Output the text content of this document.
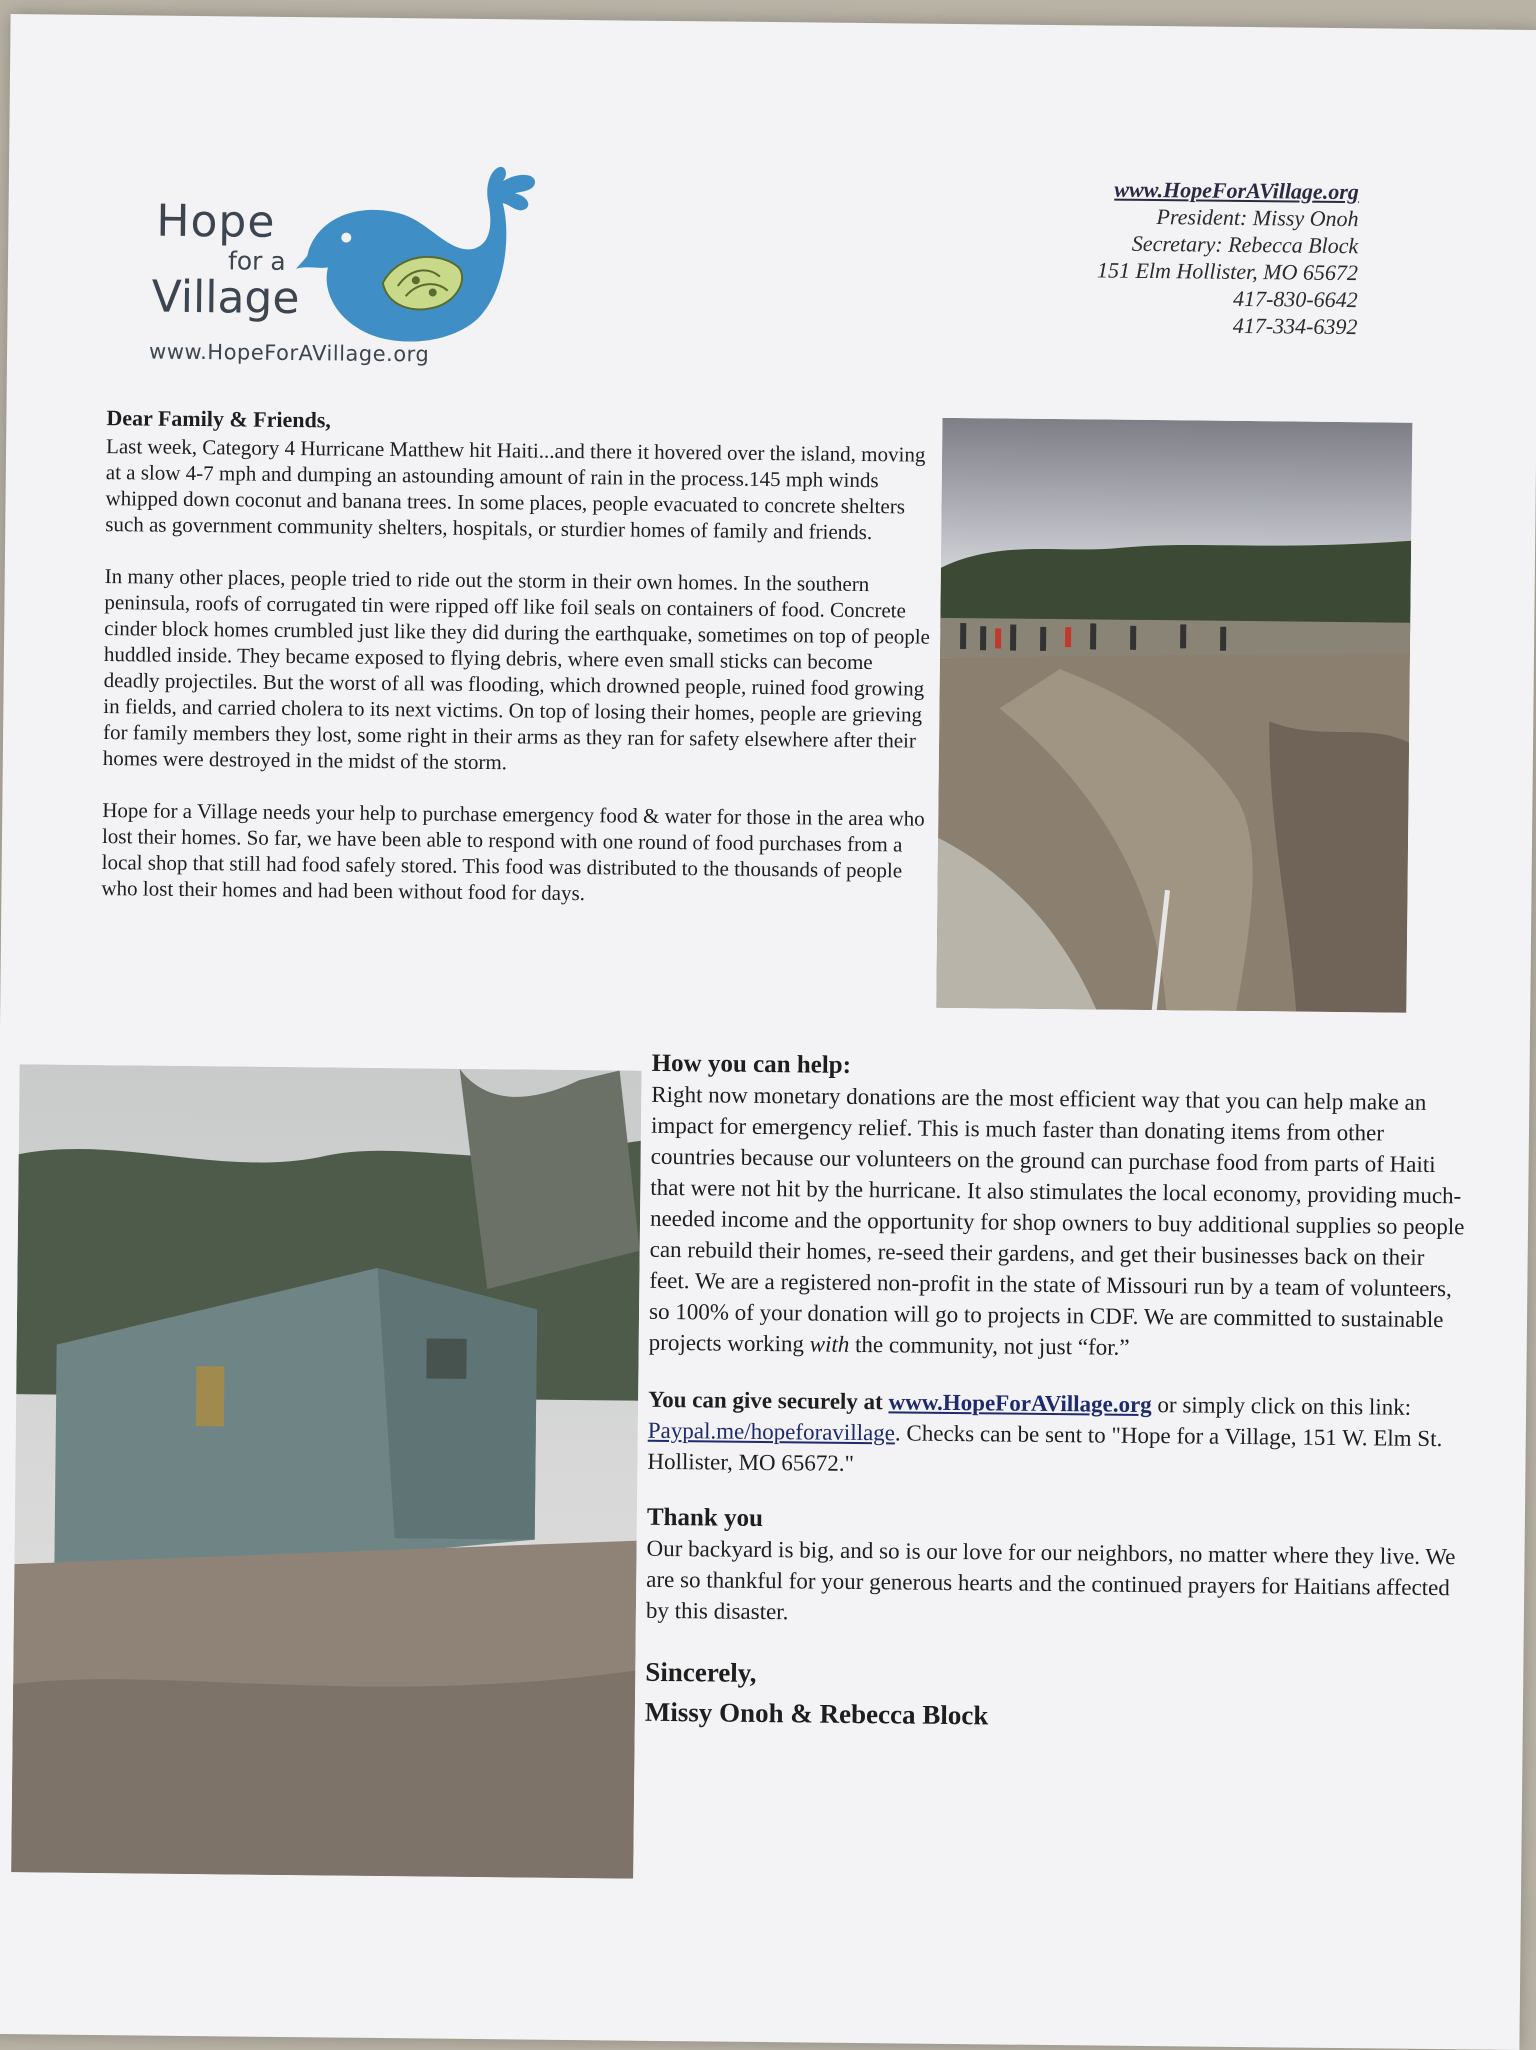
Hope
for a
Village
www.HopeForAVillage.org
www.HopeForAVillage.org
President: Missy Onoh
Secretary: Rebecca Block
151 Elm Hollister, MO 65672
417-830-6642
417-334-6392
Dear Family & Friends,

Last week, Category 4 Hurricane Matthew hit Haiti...and there it hovered over the island, moving at a slow 4-7 mph and dumping an astounding amount of rain in the process.145 mph winds whipped down coconut and banana trees. In some places, people evacuated to concrete shelters such as government community shelters, hospitals, or sturdier homes of family and friends.

In many other places, people tried to ride out the storm in their own homes. In the southern peninsula, roofs of corrugated tin were ripped off like foil seals on containers of food. Concrete cinder block homes crumbled just like they did during the earthquake, sometimes on top of people huddled inside. They became exposed to flying debris, where even small sticks can become deadly projectiles. But the worst of all was flooding, which drowned people, ruined food growing in fields, and carried cholera to its next victims. On top of losing their homes, people are grieving for family members they lost, some right in their arms as they ran for safety elsewhere after their homes were destroyed in the midst of the storm.

Hope for a Village needs your help to purchase emergency food & water for those in the area who lost their homes. So far, we have been able to respond with one round of food purchases from a local shop that still had food safely stored. This food was distributed to the thousands of people who lost their homes and had been without food for days.

How you can help:

Right now monetary donations are the most efficient way that you can help make an impact for emergency relief. This is much faster than donating items from other countries because our volunteers on the ground can purchase food from parts of Haiti that were not hit by the hurricane. It also stimulates the local economy, providing much-needed income and the opportunity for shop owners to buy additional supplies so people can rebuild their homes, re-seed their gardens, and get their businesses back on their feet. We are a registered non-profit in the state of Missouri run by a team of volunteers, so 100% of your donation will go to projects in CDF. We are committed to sustainable projects working with the community, not just “for.”

You can give securely at www.HopeForAVillage.org or simply click on this link: Paypal.me/hopeforavillage. Checks can be sent to "Hope for a Village, 151 W. Elm St. Hollister, MO 65672."

Thank you

Our backyard is big, and so is our love for our neighbors, no matter where they live. We are so thankful for your generous hearts and the continued prayers for Haitians affected by this disaster.

Sincerely,
Missy Onoh & Rebecca Block
